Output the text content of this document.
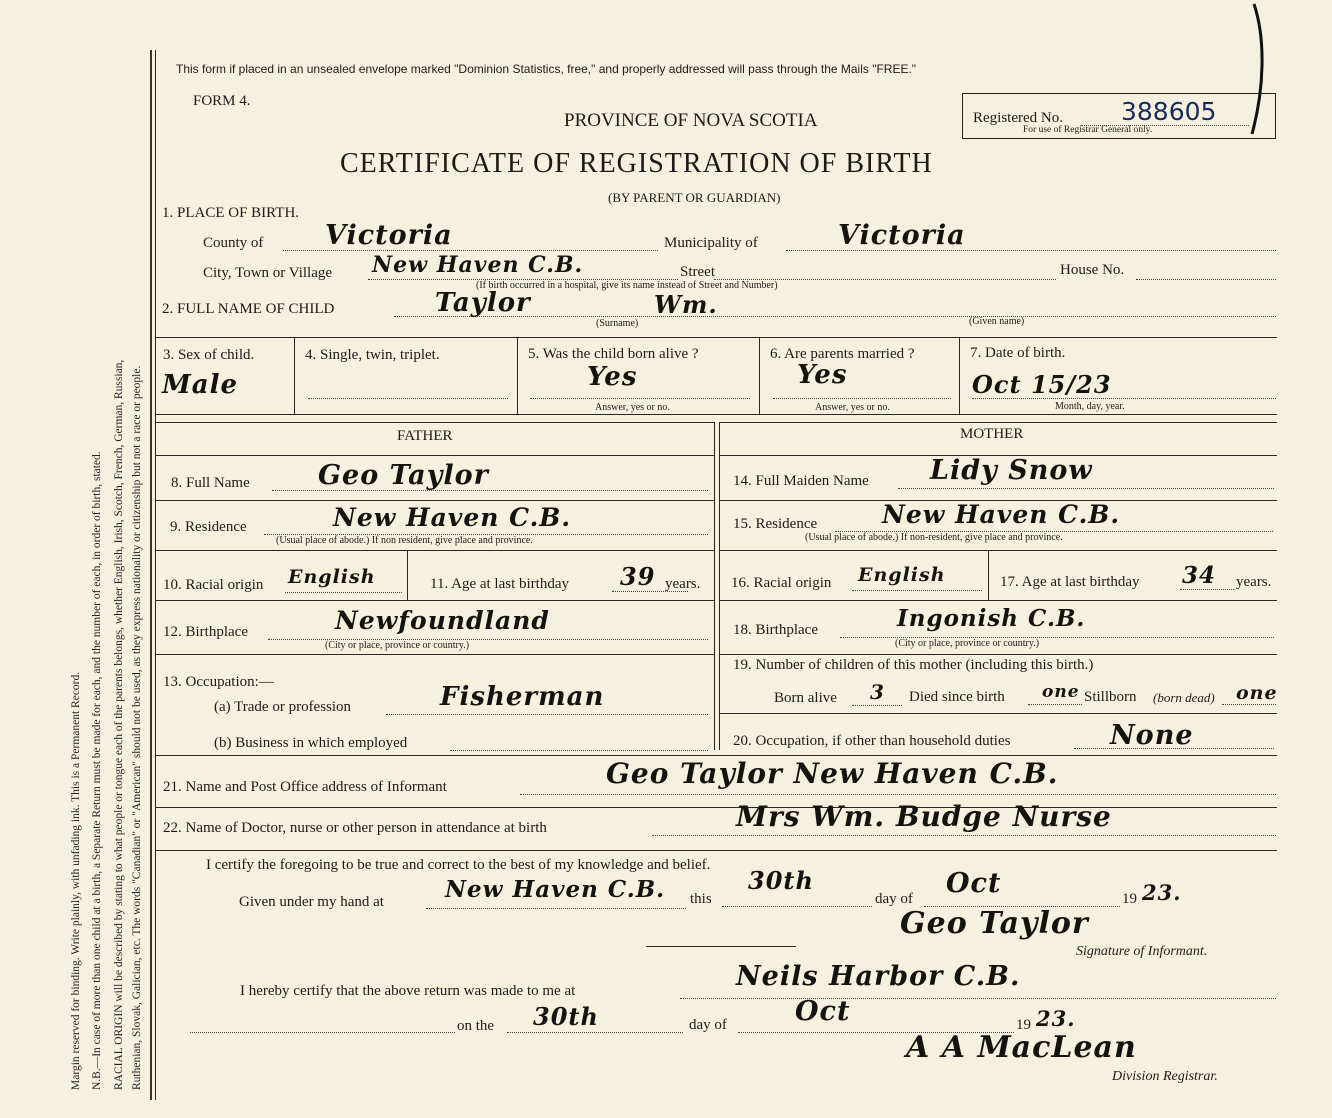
Margin reserved for binding. Write plainly, with unfading ink. This is a Permanent Record. N.B.—In case of more than one child at a birth, a Separate Return must be made for each, and the number of each, in order of birth, stated. RACIAL ORIGIN will be described by stating to what people or tongue each of the parents belongs, whether English, Irish, Scotch, French, German, Russian, Ruthenian, Slovak, Galician, etc. The words "Canadian" or "American" should not be used, as they express nationality or citizenship but not a race or people.
This form if placed in an unsealed envelope marked "Dominion Statistics, free," and properly addressed will pass through the Mails "FREE."
FORM 4.
PROVINCE OF NOVA SCOTIA
CERTIFICATE OF REGISTRATION OF BIRTH
(BY PARENT OR GUARDIAN)
Registered No. 388605
For use of Registrar General only.
1. PLACE OF BIRTH.
County of Victoria	Municipality of	Victoria
City, Town or Village New Haven C.B.	Street	House No.
(If birth occurred in a hospital, give its name instead of Street and Number)
2. FULL NAME OF CHILD	Taylor	Wm.
(Surname)	(Given name)
3. Sex of child.
Male
4. Single, twin, triplet.	5. Was the child born alive ?
Yes
Answer, yes or no.
6. Are parents married ?
Yes
Answer, yes or no.
7. Date of birth.
Oct 15/23
Month, day, year.
FATHER	MOTHER
8. Full Name	Geo Taylor	14. Full Maiden Name Lidy Snow
9. Residence	New Haven C.B.
(Usual place of abode.) If non resident, give place and province.
15. Residence	New Haven C.B.
(Usual place of abode.) If non-resident, give place and province.
10. Racial origin English	11. Age at last birthday 39 years. 16. Racial origin English	17. Age at last birthday 34 years.
12. Birthplace	Newfoundland
(City or place, province or country.)
18. Birthplace	Ingonish C.B.
(City or place, province or country.)
13. Occupation:—
(a) Trade or profession	Fisherman
(b) Business in which employed
19. Number of children of this mother (including this birth.)
Born alive 3 Died since birth one Stillborn (born dead) one
20. Occupation, if other than household duties	None
21. Name and Post Office address of Informant	Geo Taylor New Haven C.B.
22. Name of Doctor, nurse or other person in attendance at birth	Mrs Wm. Budge Nurse
I certify the foregoing to be true and correct to the best of my knowledge and belief.
Given under my hand at	New Haven C.B. this
30th
day of Oct	19 23.
Geo Taylor
Signature of Informant.
I hereby certify that the above return was made to me at	Neils Harbor C.B.
on the 30th	day of	Oct	19 23.
A A MacLean
Division Registrar.
